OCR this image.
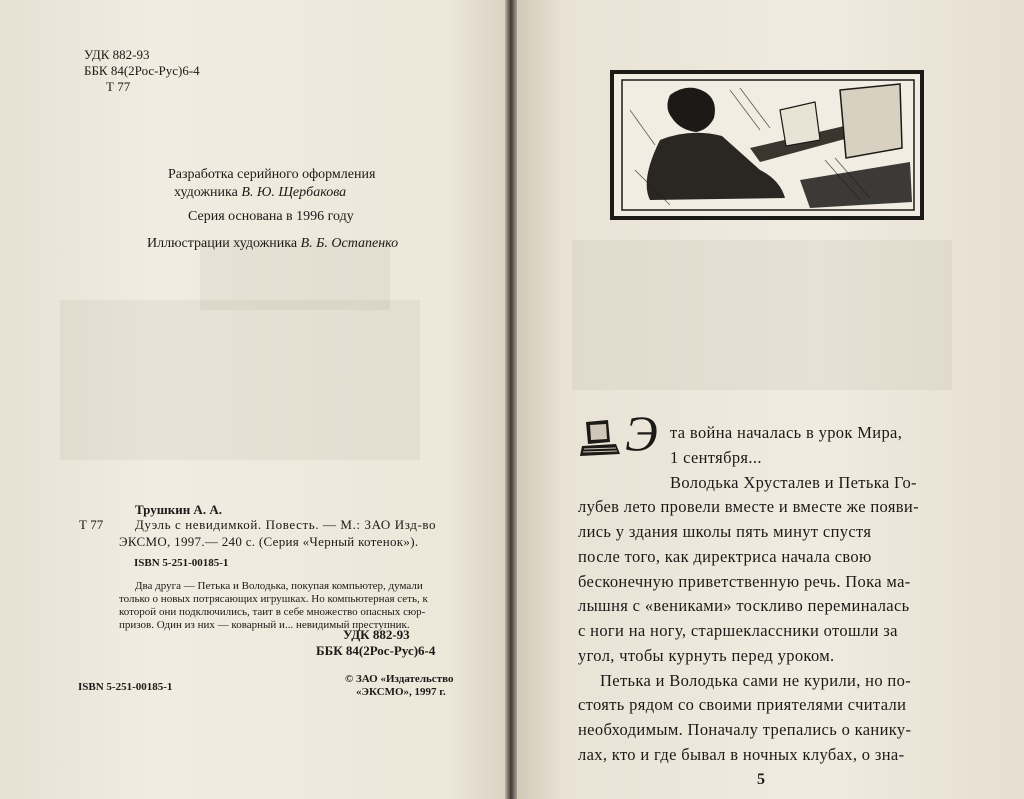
УДК 882-93
ББК 84(2Рос-Рус)6-4
Т 77
Разработка серийного оформления
художника В. Ю. Щербакова
Серия основана в 1996 году
Иллюстрации художника В. Б. Остапенко
Трушкин А. А.
Т 77 Дуэль с невидимкой. Повесть. — М.: ЗАО Изд-во
ЭКСМО, 1997.— 240 с. (Серия «Черный котенок»).
ISBN 5-251-00185-1
Два друга — Петька и Володька, покупая компьютер, думали
только о новых потрясающих игрушках. Но компьютерная сеть, к
которой они подключились, таит в себе множество опасных сюр-
призов. Один из них — коварный и... невидимый преступник.
УДК 882-93
ББК 84(2Рос-Рус)6-4
ISBN 5-251-00185-1
© ЗАО «Издательство
«ЭКСМО», 1997 г.
Э та война началась в урок Мира,
1 сентября...
Володька Хрусталев и Петька Го-
лубев лето провели вместе и вместе же появи-
лись у здания школы пять минут спустя
после того, как директриса начала свою
бесконечную приветственную речь. Пока ма-
лышня с «вениками» тоскливо переминалась
с ноги на ногу, старшеклассники отошли за
угол, чтобы курнуть перед уроком.
Петька и Володька сами не курили, но по-
стоять рядом со своими приятелями считали
необходимым. Поначалу трепались о канику-
лах, кто и где бывал в ночных клубах, о зна-
5
